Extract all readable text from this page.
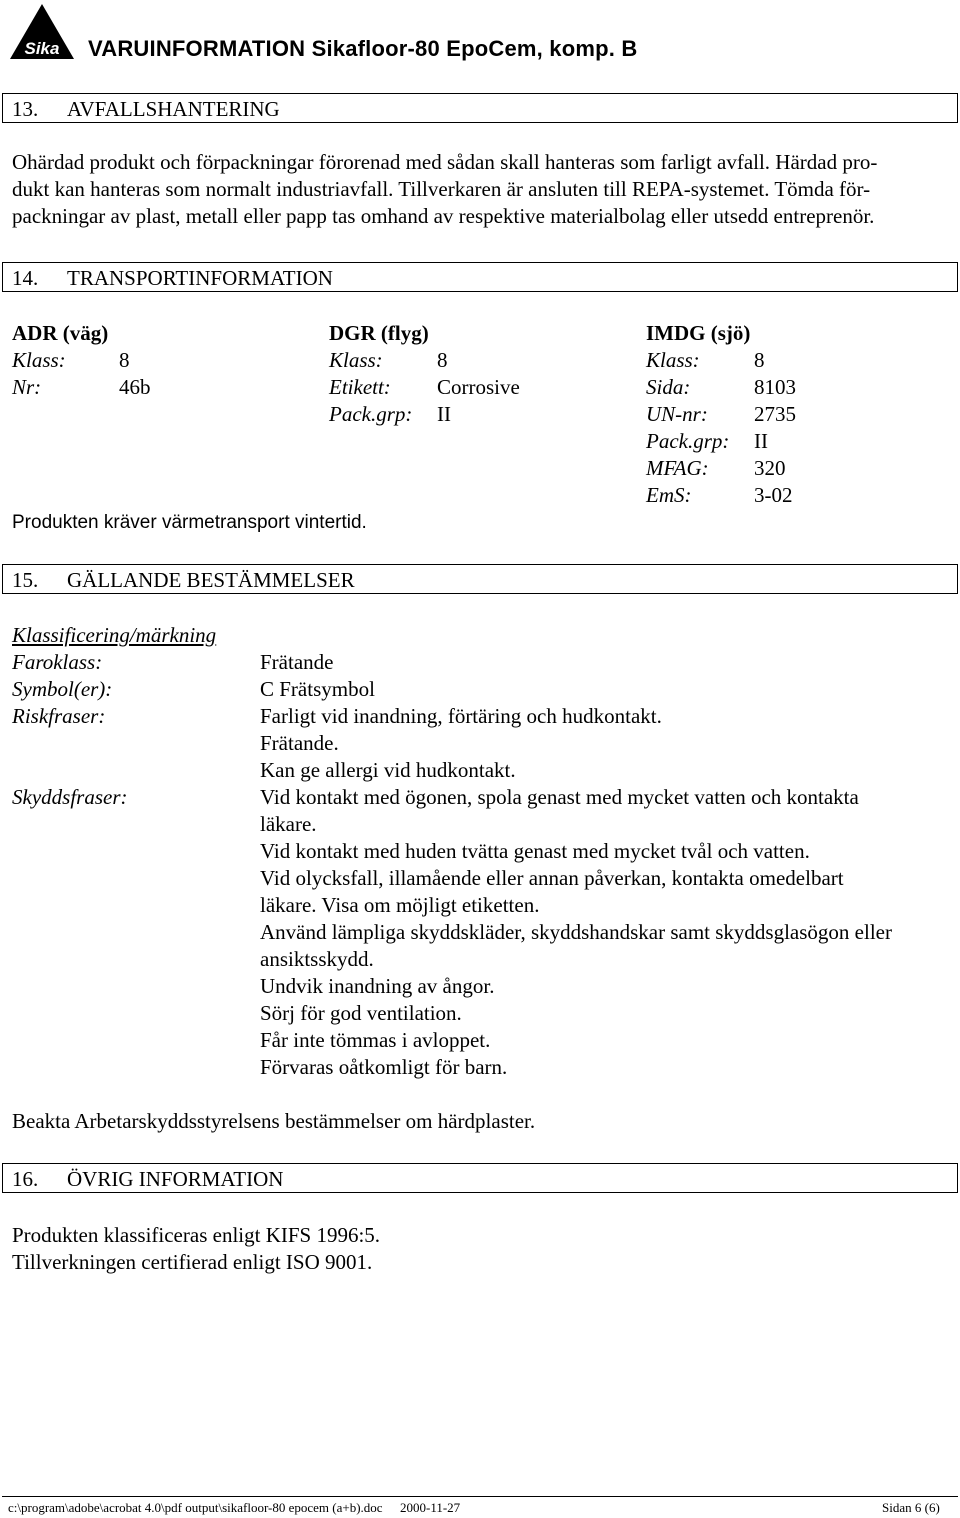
Sika VARUINFORMATION Sikafloor-80 EpoCem, komp. B
13. AVFALLSHANTERING
Ohärdad produkt och förpackningar förorenad med sådan skall hanteras som farligt avfall. Härdad pro-
dukt kan hanteras som normalt industriavfall. Tillverkaren är ansluten till REPA-systemet. Tömda för-
packningar av plast, metall eller papp tas omhand av respektive materialbolag eller utsedd entreprenör.
14. TRANSPORTINFORMATION
ADR (väg)
Klass:	8
Nr:	46b
DGR (flyg)
Klass:	8
Etikett: Corrosive
Pack.grp: II
IMDG (sjö)
Klass:	8
Sida:	8103
UN-nr: 2735
Pack.grp: II
MFAG: 320
EmS:	3-02
Produkten kräver värmetransport vintertid.
15. GÄLLANDE BESTÄMMELSER
Klassificering/märkning
Faroklass:	Frätande
Symbol(er):	C Frätsymbol
Riskfraser:	Farligt vid inandning, förtäring och hudkontakt.
Frätande.
Kan ge allergi vid hudkontakt.
Skyddsfraser:	Vid kontakt med ögonen, spola genast med mycket vatten och kontakta
läkare.
Vid kontakt med huden tvätta genast med mycket tvål och vatten.
Vid olycksfall, illamående eller annan påverkan, kontakta omedelbart
läkare. Visa om möjligt etiketten.
Använd lämpliga skyddskläder, skyddshandskar samt skyddsglasögon eller
ansiktsskydd.
Undvik inandning av ångor.
Sörj för god ventilation.
Får inte tömmas i avloppet.
Förvaras oåtkomligt för barn.
Beakta Arbetarskyddsstyrelsens bestämmelser om härdplaster.
16. ÖVRIG INFORMATION
Produkten klassificeras enligt KIFS 1996:5.
Tillverkningen certifierad enligt ISO 9001.
c:\program\adobe\acrobat 4.0\pdf output\sikafloor-80 epocem (a+b).doc 2000-11-27	Sidan 6 (6)
